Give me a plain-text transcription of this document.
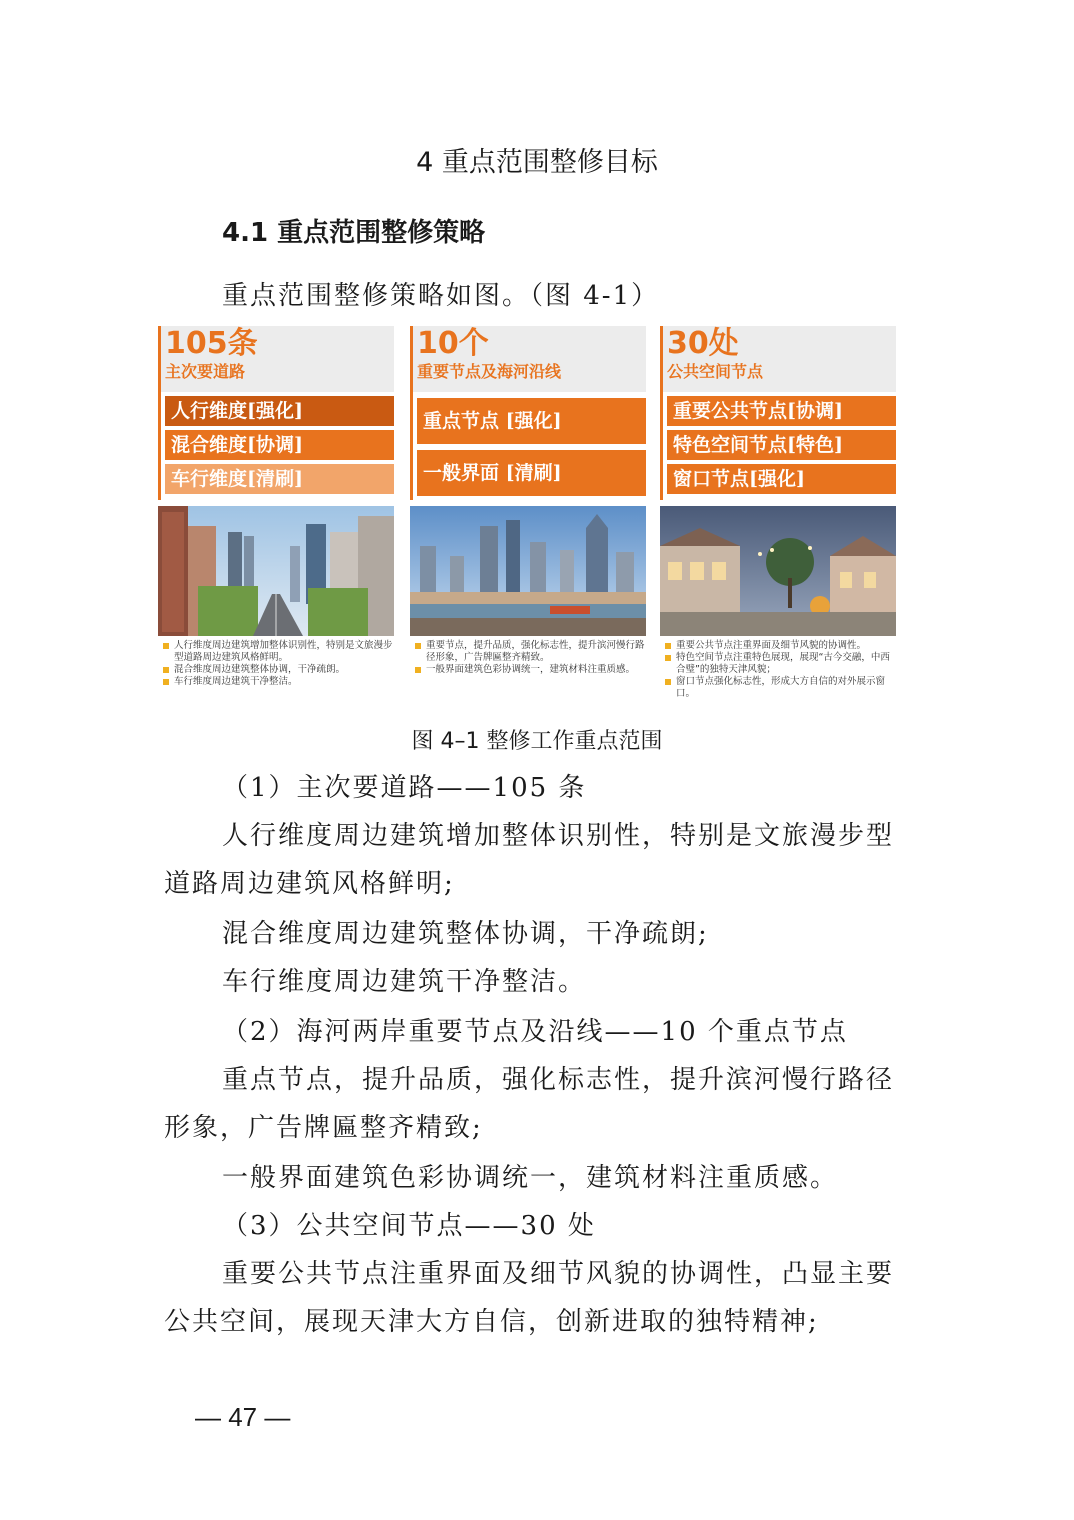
4 重点范围整修目标
4.1 重点范围整修策略
重点范围整修策略如图。（图 4-1）
105条
主次要道路
人行维度[强化]
混合维度[协调]
车行维度[清刷]
人行维度周边建筑增加整体识别性，特别是文旅漫步型道路周边建筑风格鲜明。
混合维度周边建筑整体协调，干净疏朗。
车行维度周边建筑干净整洁。
10个
重要节点及海河沿线
重点节点 [强化]
一般界面 [清刷]
重要节点，提升品质，强化标志性，提升滨河慢行路径形象，广告牌匾整齐精致。
一般界面建筑色彩协调统一，建筑材料注重质感。
30处
公共空间节点
重要公共节点[协调]
特色空间节点[特色]
窗口节点[强化]
重要公共节点注重界面及细节风貌的协调性。
特色空间节点注重特色展现，展现“古今交融，中西合璧”的独特天津风貌；
窗口节点强化标志性，形成大方自信的对外展示窗口。
图 4–1 整修工作重点范围
（1）主次要道路——105 条
人行维度周边建筑增加整体识别性，特别是文旅漫步型
道路周边建筑风格鲜明;
混合维度周边建筑整体协调，干净疏朗;
车行维度周边建筑干净整洁。
（2）海河两岸重要节点及沿线——10 个重点节点
重点节点，提升品质，强化标志性，提升滨河慢行路径
形象，广告牌匾整齐精致;
一般界面建筑色彩协调统一，建筑材料注重质感。
（3）公共空间节点——30 处
重要公共节点注重界面及细节风貌的协调性，凸显主要
公共空间，展现天津大方自信，创新进取的独特精神;
— 47 —
